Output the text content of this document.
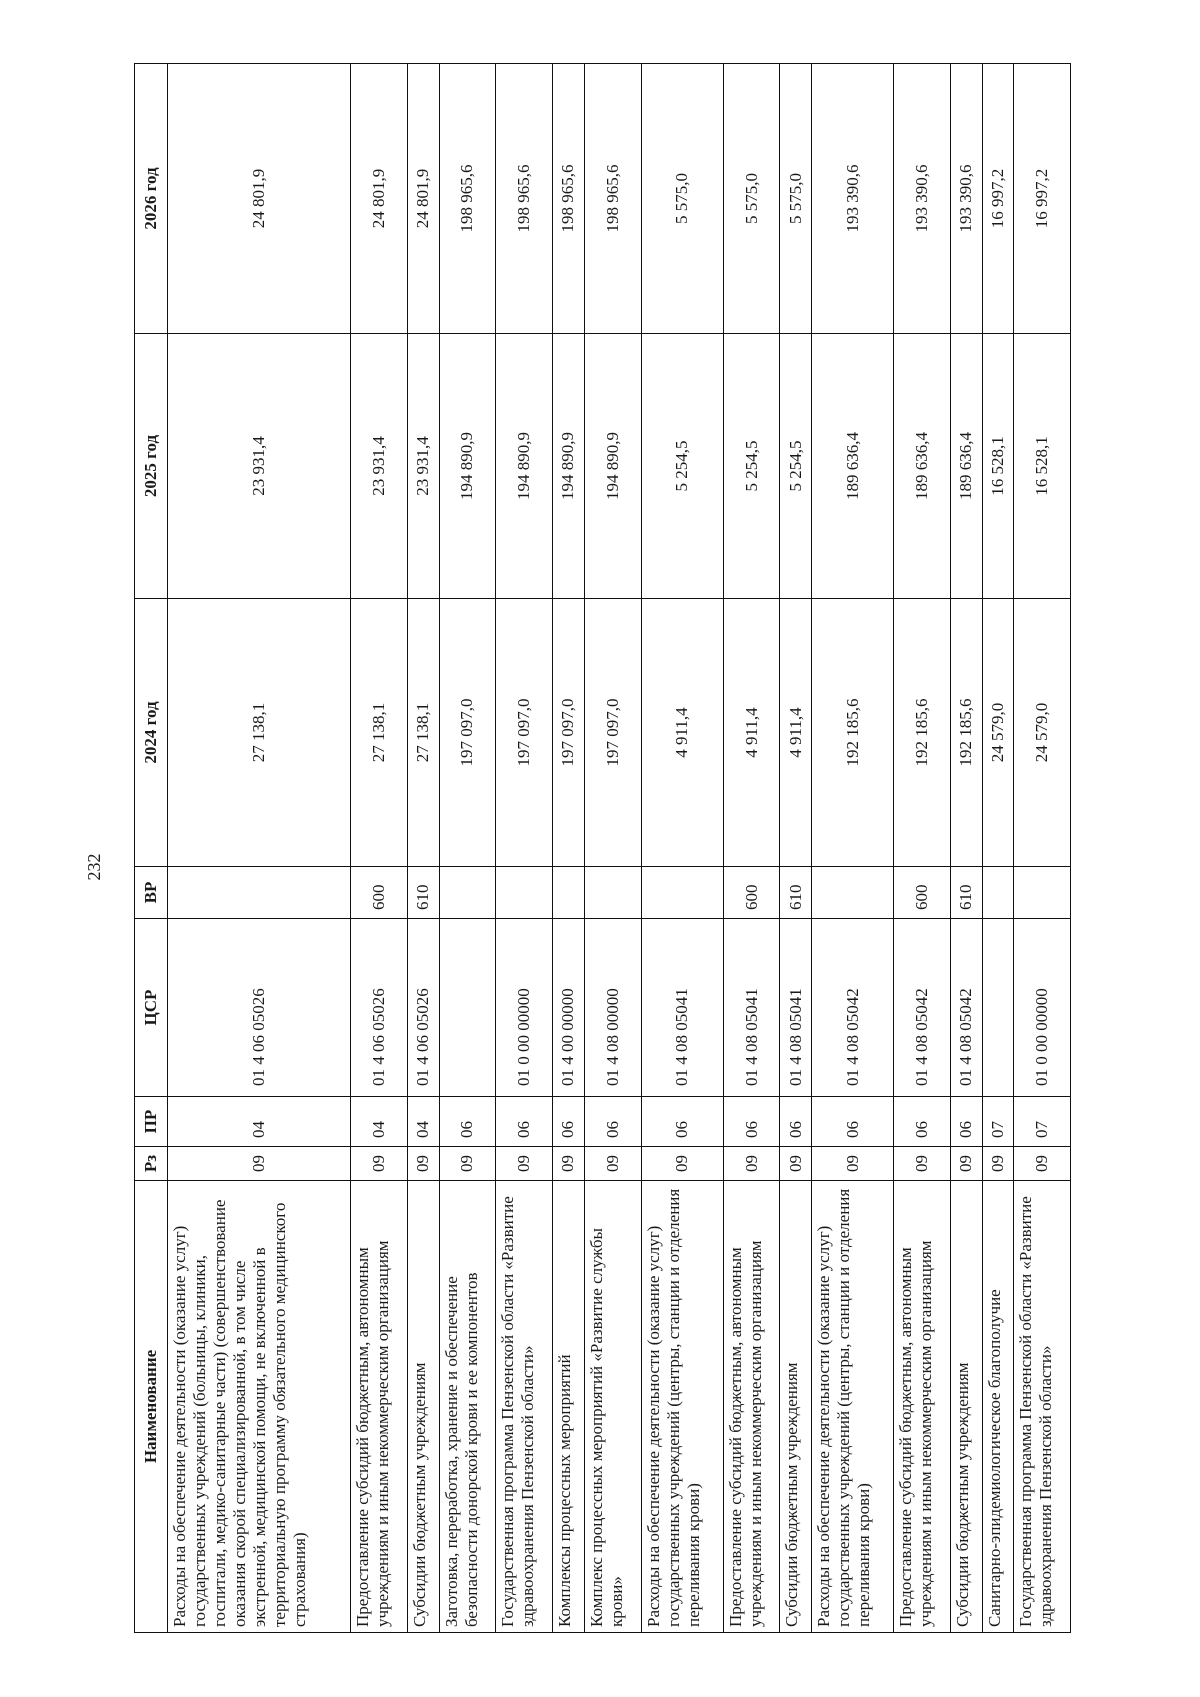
232
Наименование	Рз	ПР	ЦСР	ВР	2024 год	2025 год	2026 год
Расходы на обеспечение деятельности (оказание услуг) государственных учреждений (больницы, клиники, госпитали, медико-санитарные части) (совершенствование оказания скорой специализированной, в том числе экстренной, медицинской помощи, не включенной в территориальную программу обязательного медицинского страхования)	09	04	01 4 06 05026		27 138,1	23 931,4	24 801,9
Предоставление субсидий бюджетным, автономным учреждениям и иным некоммерческим организациям	09	04	01 4 06 05026	600	27 138,1	23 931,4	24 801,9
Субсидии бюджетным учреждениям	09	04	01 4 06 05026	610	27 138,1	23 931,4	24 801,9
Заготовка, переработка, хранение и обеспечение безопасности донорской крови и ее компонентов	09	06			197 097,0	194 890,9	198 965,6
Государственная программа Пензенской области «Развитие здравоохранения Пензенской области»	09	06	01 0 00 00000		197 097,0	194 890,9	198 965,6
Комплексы процессных мероприятий	09	06	01 4 00 00000		197 097,0	194 890,9	198 965,6
Комплекс процессных мероприятий «Развитие службы крови»	09	06	01 4 08 00000		197 097,0	194 890,9	198 965,6
Расходы на обеспечение деятельности (оказание услуг) государственных учреждений (центры, станции и отделения переливания крови)	09	06	01 4 08 05041		4 911,4	5 254,5	5 575,0
Предоставление субсидий бюджетным, автономным учреждениям и иным некоммерческим организациям	09	06	01 4 08 05041	600	4 911,4	5 254,5	5 575,0
Субсидии бюджетным учреждениям	09	06	01 4 08 05041	610	4 911,4	5 254,5	5 575,0
Расходы на обеспечение деятельности (оказание услуг) государственных учреждений (центры, станции и отделения переливания крови)	09	06	01 4 08 05042		192 185,6	189 636,4	193 390,6
Предоставление субсидий бюджетным, автономным учреждениям и иным некоммерческим организациям	09	06	01 4 08 05042	600	192 185,6	189 636,4	193 390,6
Субсидии бюджетным учреждениям	09	06	01 4 08 05042	610	192 185,6	189 636,4	193 390,6
Санитарно-эпидемиологическое благополучие	09	07			24 579,0	16 528,1	16 997,2
Государственная программа Пензенской области «Развитие здравоохранения Пензенской области»	09	07	01 0 00 00000		24 579,0	16 528,1	16 997,2
